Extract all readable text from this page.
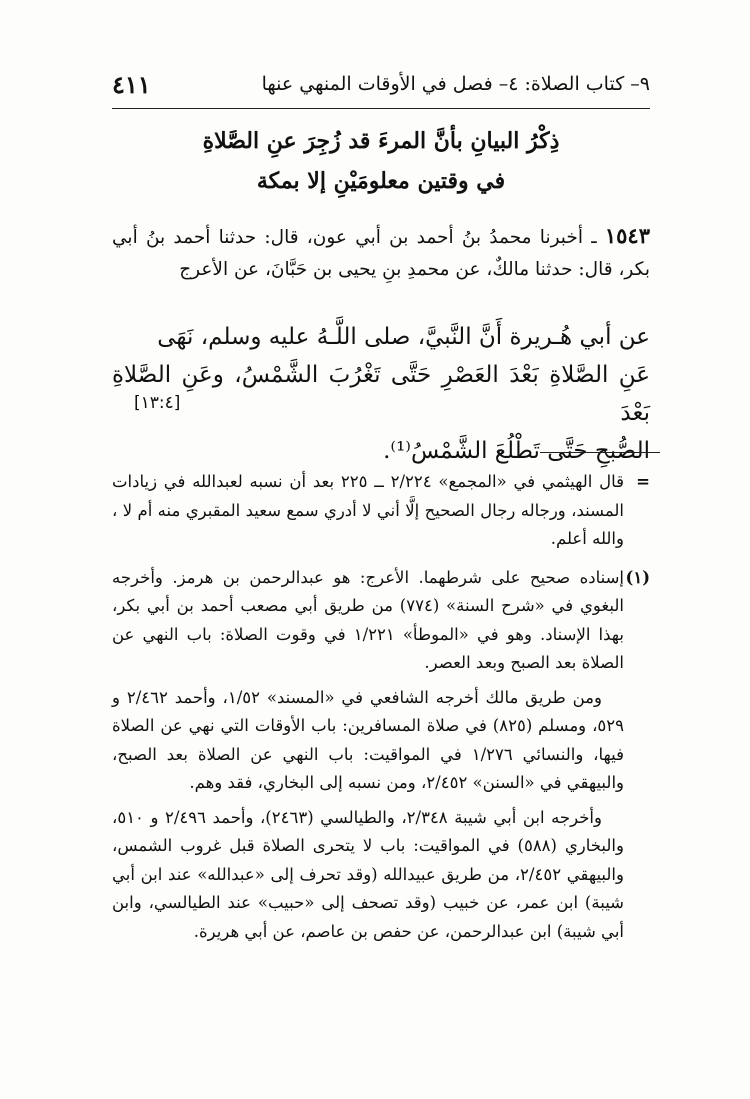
٩– كتاب الصلاة: ٤– فصل في الأوقات المنهي عنها
٤١١
ذِكْرُ البيانِ بأنَّ المرءَ قد زُجِرَ عنِ الصَّلاةِ
في وقتين معلومَيْنِ إلا بمكة
١٥٤٣ ـ أخبرنا محمدُ بنُ أحمد بن أبي عون، قال: حدثنا أحمد بنُ أبي بكر، قال: حدثنا مالكٌ، عن محمدِ بنِ يحيى بن حَبَّانَ، عن الأعرج

عن أبي هُـريرة أَنَّ النَّبيَّ، صلى اللَّـهُ عليه وسلم، نَهَى

عَنِ الصَّلاةِ بَعْدَ العَصْرِ حَتَّى تَغْرُبَ الشَّمْسُ، وعَنِ الصَّلاةِ بَعْدَ

الصُّبحِ حَتَّى تَطْلُعَ الشَّمْسُ⁽¹⁾.

[١٣:٤]
=

قال الهيثمي في «المجمع» ٢/٢٢٤ ــ ٢٢٥ بعد أن نسبه لعبدالله في زيادات المسند، ورجاله رجال الصحيح إلَّا أني لا أدري سمع سعيد المقبري منه أم لا ، والله أعلم.

(١)

إسناده صحيح على شرطهما. الأعرج: هو عبدالرحمن بن هرمز. وأخرجه البغوي في «شرح السنة» (٧٧٤) من طريق أبي مصعب أحمد بن أبي بكر، بهذا الإسناد. وهو في «الموطأ» ١/٢٢١ في وقوت الصلاة: باب النهي عن الصلاة بعد الصبح وبعد العصر.

ومن طريق مالك أخرجه الشافعي في «المسند» ١/٥٢، وأحمد ٢/٤٦٢ و ٥٢٩، ومسلم (٨٢٥) في صلاة المسافرين: باب الأوقات التي نهي عن الصلاة فيها، والنسائي ١/٢٧٦ في المواقيت: باب النهي عن الصلاة بعد الصبح، والبيهقي في «السنن» ٢/٤٥٢، ومن نسبه إلى البخاري، فقد وهم.

وأخرجه ابن أبي شيبة ٢/٣٤٨، والطيالسي (٢٤٦٣)، وأحمد ٢/٤٩٦ و ٥١٠، والبخاري (٥٨٨) في المواقيت: باب لا يتحرى الصلاة قبل غروب الشمس، والبيهقي ٢/٤٥٢، من طريق عبيدالله (وقد تحرف إلى «عبدالله» عند ابن أبي شيبة) ابن عمر، عن خبيب (وقد تصحف إلى «حبيب» عند الطيالسي، وابن أبي شيبة) ابن عبدالرحمن، عن حفص بن عاصم، عن أبي هريرة.
